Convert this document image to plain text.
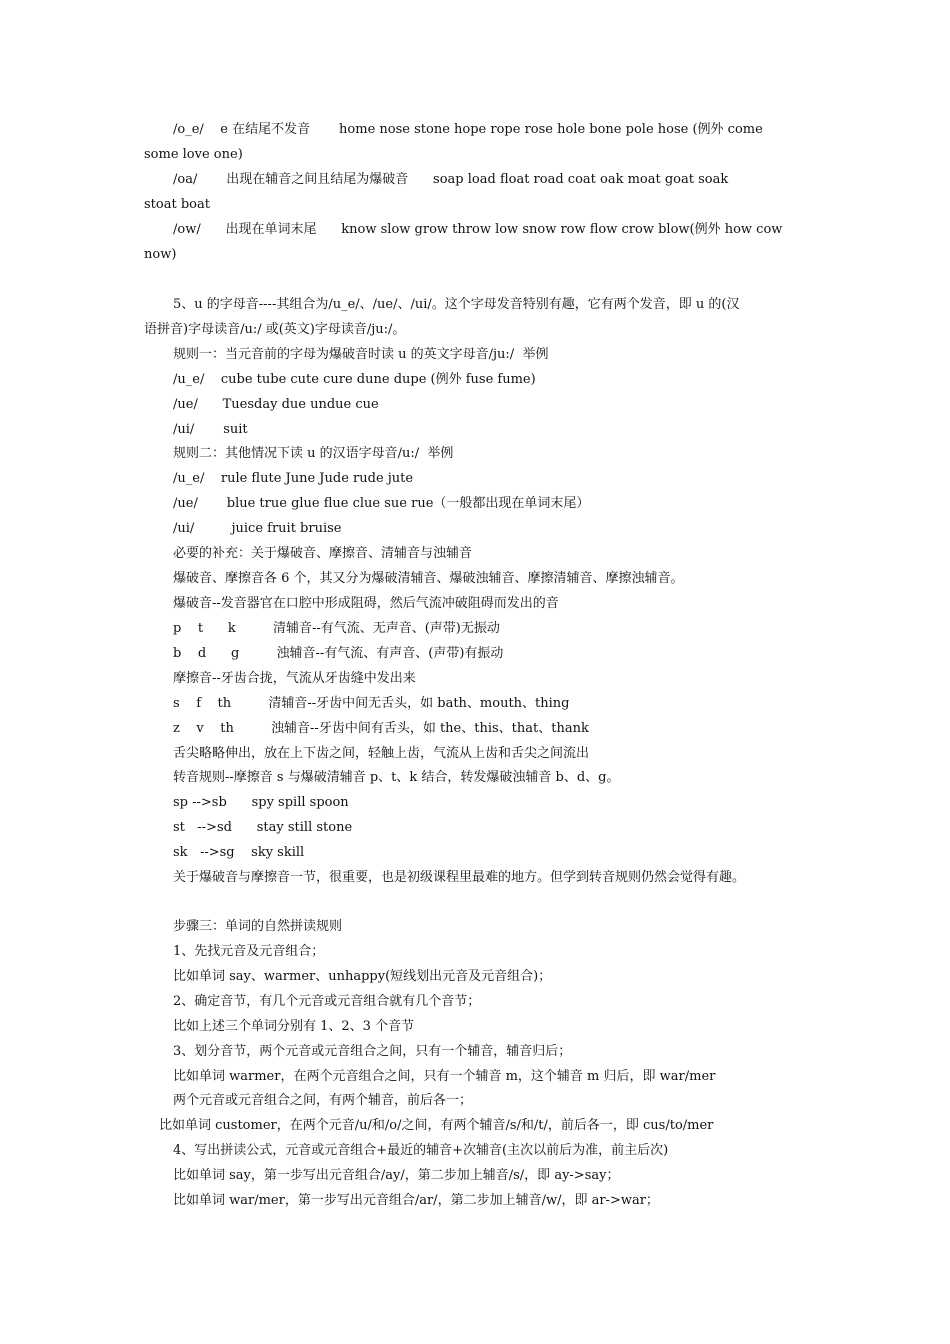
/o_e/    e 在结尾不发音       home nose stone hope rope rose hole bone pole hose (例外 come
some love one)
/oa/       出现在辅音之间且结尾为爆破音      soap load float road coat oak moat goat soak
stoat boat
/ow/      出现在单词末尾      know slow grow throw low snow row flow crow blow(例外 how cow
now)
5、u 的字母音----其组合为/u_e/、/ue/、/ui/。这个字母发音特别有趣，它有两个发音，即 u 的(汉
语拼音)字母读音/u:/ 或(英文)字母读音/ju:/。
规则一：当元音前的字母为爆破音时读 u 的英文字母音/ju:/  举例
/u_e/    cube tube cute cure dune dupe (例外 fuse fume)
/ue/      Tuesday due undue cue
/ui/       suit
规则二：其他情况下读 u 的汉语字母音/u:/  举例
/u_e/    rule flute June Jude rude jute
/ue/       blue true glue flue clue sue rue（一般都出现在单词末尾）
/ui/         juice fruit bruise
必要的补充：关于爆破音、摩擦音、清辅音与浊辅音
爆破音、摩擦音各 6 个，其又分为爆破清辅音、爆破浊辅音、摩擦清辅音、摩擦浊辅音。
爆破音--发音器官在口腔中形成阻碍，然后气流冲破阻碍而发出的音
p    t      k         清辅音--有气流、无声音、(声带)无振动
b    d      g         浊辅音--有气流、有声音、(声带)有振动
摩擦音--牙齿合拢，气流从牙齿缝中发出来
s    f    th         清辅音--牙齿中间无舌头，如 bath、mouth、thing
z    v    th         浊辅音--牙齿中间有舌头，如 the、this、that、thank
舌尖略略伸出，放在上下齿之间，轻触上齿，气流从上齿和舌尖之间流出
转音规则--摩擦音 s 与爆破清辅音 p、t、k 结合，转发爆破浊辅音 b、d、g。
sp -->sb      spy spill spoon
st   -->sd      stay still stone
sk   -->sg    sky skill
关于爆破音与摩擦音一节，很重要，也是初级课程里最难的地方。但学到转音规则仍然会觉得有趣。
步骤三：单词的自然拼读规则
1、先找元音及元音组合；
比如单词 say、warmer、unhappy(短线划出元音及元音组合)；
2、确定音节，有几个元音或元音组合就有几个音节；
比如上述三个单词分别有 1、2、3 个音节
3、划分音节，两个元音或元音组合之间，只有一个辅音，辅音归后；
比如单词 warmer，在两个元音组合之间，只有一个辅音 m，这个辅音 m 归后，即 war/mer
两个元音或元音组合之间，有两个辅音，前后各一；
比如单词 customer，在两个元音/u/和/o/之间，有两个辅音/s/和/t/，前后各一，即 cus/to/mer
4、写出拼读公式，元音或元音组合+最近的辅音+次辅音(主次以前后为准，前主后次)
比如单词 say，第一步写出元音组合/ay/，第二步加上辅音/s/，即 ay->say；
比如单词 war/mer，第一步写出元音组合/ar/，第二步加上辅音/w/，即 ar->war；
